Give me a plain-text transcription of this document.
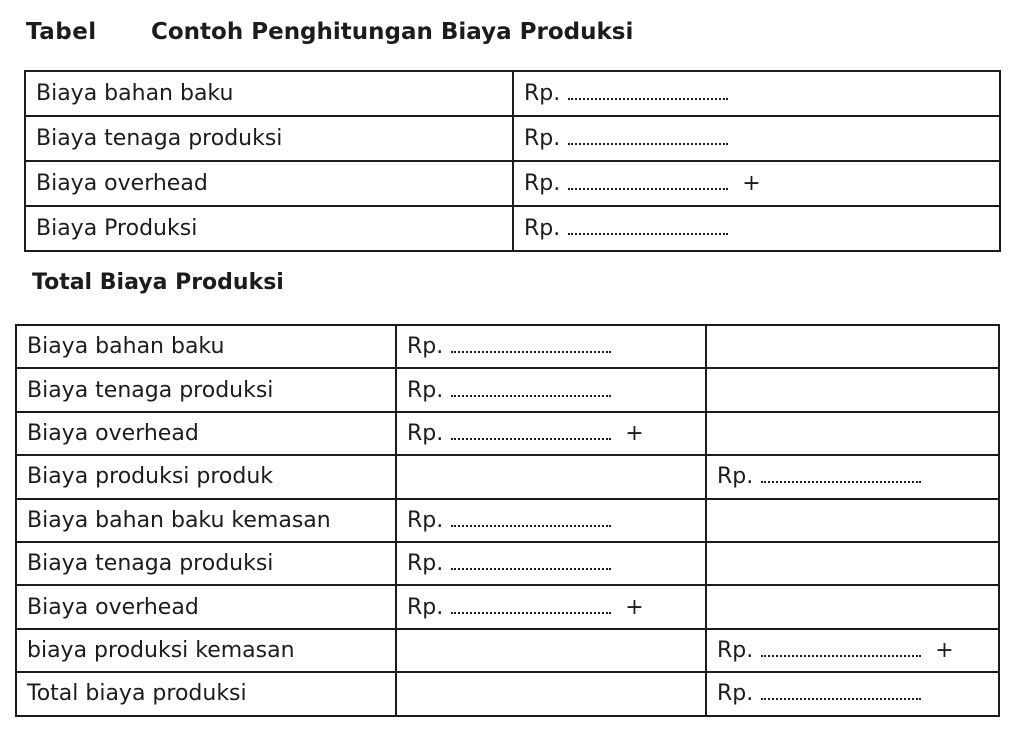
Tabel	Contoh Penghitungan Biaya Produksi
Biaya bahan baku	Rp.

Biaya tenaga produksi	Rp.

Biaya overhead	Rp. +

Biaya Produksi	Rp.
Total Biaya Produksi
Biaya bahan baku	Rp.	

Biaya tenaga produksi	Rp.	

Biaya overhead	Rp. +	

Biaya produksi produk		Rp.

Biaya bahan baku kemasan	Rp.	

Biaya tenaga produksi	Rp.	

Biaya overhead	Rp. +	

biaya produksi kemasan		Rp. +

Total biaya produksi		Rp.
